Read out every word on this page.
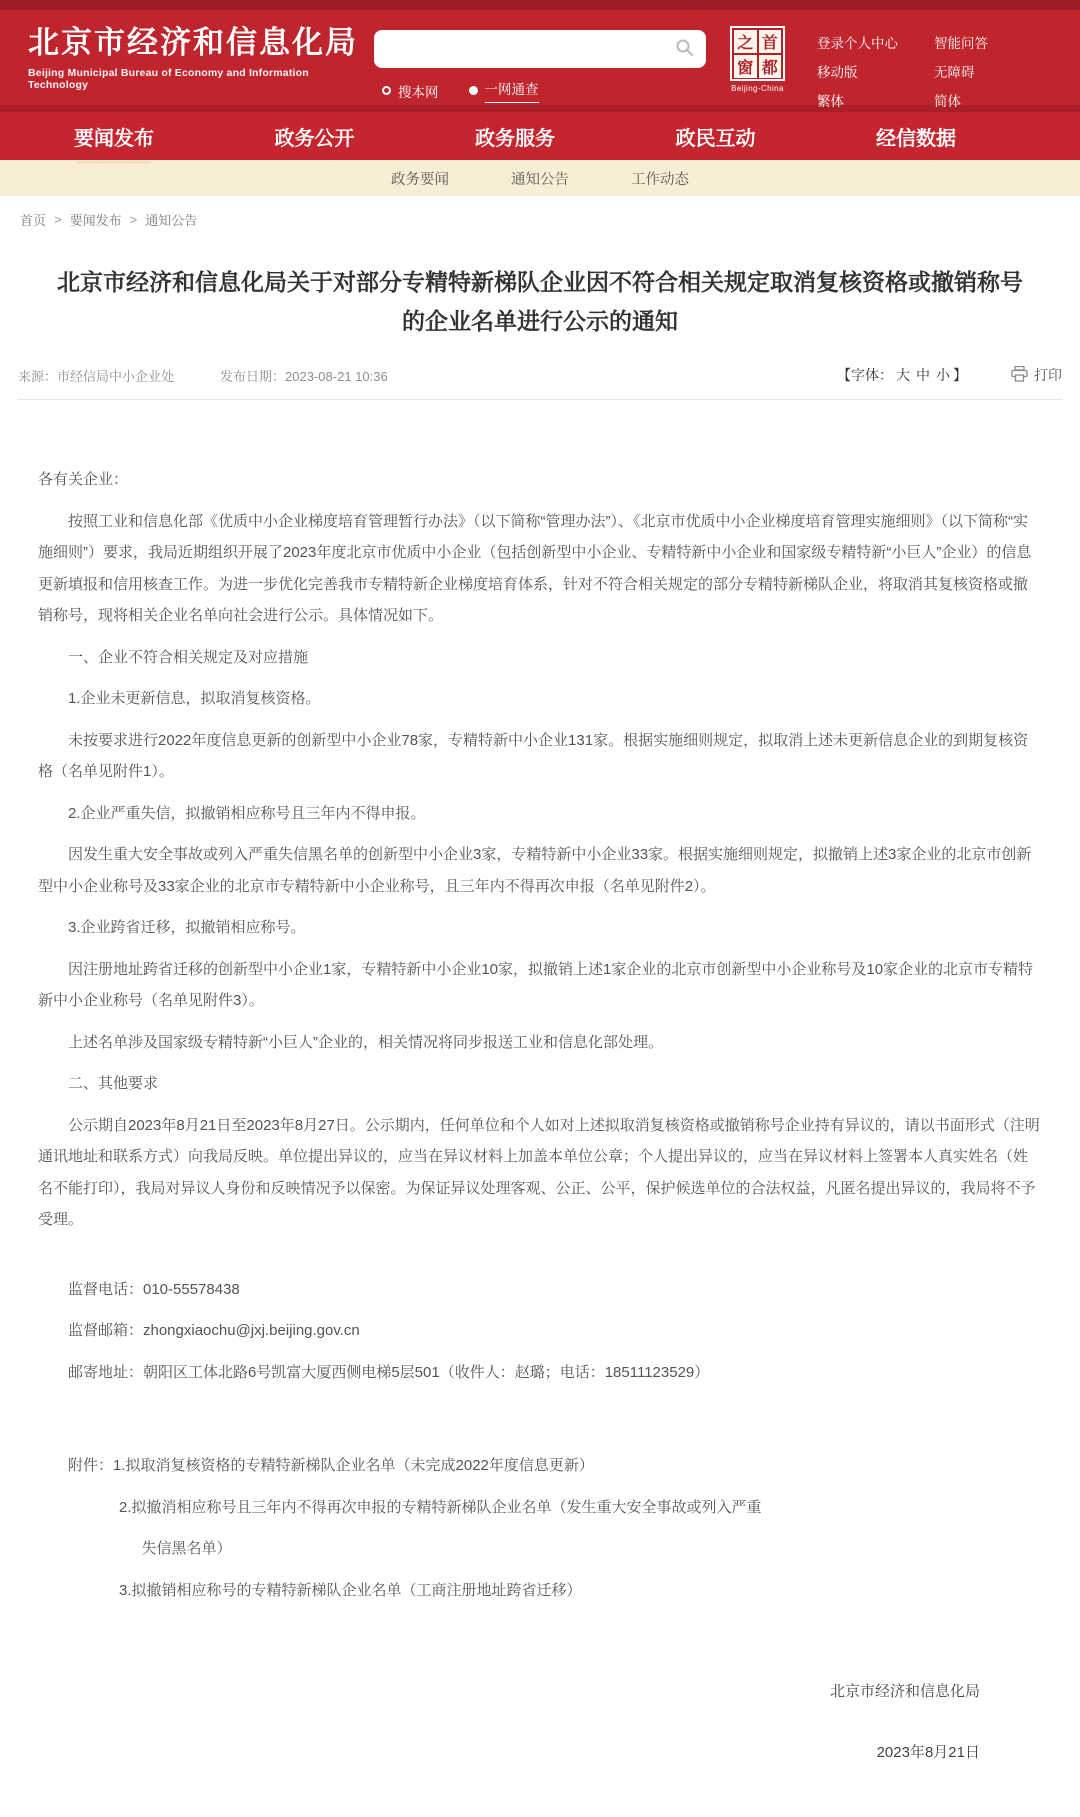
北京市经济和信息化局
Beijing Municipal Bureau of Economy and Information Technology	搜本网	一网通查
之 首
窗 都
Beijing-China
登录个人中心	智能问答
移动版	无障碍
繁体	简体
要闻发布	政务公开	政务服务	政民互动	经信数据
政务要闻	通知公告	工作动态
首页 > 要闻发布 > 通知公告
北京市经济和信息化局关于对部分专精特新梯队企业因不符合相关规定取消复核资格或撤销称号的企业名单进行公示的通知
来源：市经信局中小企业处	发布日期：2023-08-21 10:36	【字体： 大 中 小 】	打印

各有关企业：

按照工业和信息化部《优质中小企业梯度培育管理暂行办法》（以下简称“管理办法”）、《北京市优质中小企业梯度培育管理实施细则》（以下简称“实施细则”）要求，我局近期组织开展了2023年度北京市优质中小企业（包括创新型中小企业、专精特新中小企业和国家级专精特新“小巨人”企业）的信息更新填报和信用核查工作。为进一步优化完善我市专精特新企业梯度培育体系，针对不符合相关规定的部分专精特新梯队企业，将取消其复核资格或撤销称号，现将相关企业名单向社会进行公示。具体情况如下。

一、企业不符合相关规定及对应措施

1.企业未更新信息，拟取消复核资格。

未按要求进行2022年度信息更新的创新型中小企业78家，专精特新中小企业131家。根据实施细则规定，拟取消上述未更新信息企业的到期复核资格（名单见附件1）。

2.企业严重失信，拟撤销相应称号且三年内不得申报。

因发生重大安全事故或列入严重失信黑名单的创新型中小企业3家，专精特新中小企业33家。根据实施细则规定，拟撤销上述3家企业的北京市创新型中小企业称号及33家企业的北京市专精特新中小企业称号，且三年内不得再次申报（名单见附件2）。

3.企业跨省迁移，拟撤销相应称号。

因注册地址跨省迁移的创新型中小企业1家，专精特新中小企业10家，拟撤销上述1家企业的北京市创新型中小企业称号及10家企业的北京市专精特新中小企业称号（名单见附件3）。

上述名单涉及国家级专精特新“小巨人”企业的，相关情况将同步报送工业和信息化部处理。

二、其他要求

公示期自2023年8月21日至2023年8月27日。公示期内，任何单位和个人如对上述拟取消复核资格或撤销称号企业持有异议的，请以书面形式（注明通讯地址和联系方式）向我局反映。单位提出异议的，应当在异议材料上加盖本单位公章；个人提出异议的，应当在异议材料上签署本人真实姓名（姓名不能打印），我局对异议人身份和反映情况予以保密。为保证异议处理客观、公正、公平，保护候选单位的合法权益，凡匿名提出异议的，我局将不予受理。

监督电话：010-55578438

监督邮箱：zhongxiaochu@jxj.beijing.gov.cn

邮寄地址：朝阳区工体北路6号凯富大厦西侧电梯5层501（收件人：赵璐；电话：18511123529）

附件：1.拟取消复核资格的专精特新梯队企业名单（未完成2022年度信息更新）

2.拟撤消相应称号且三年内不得再次申报的专精特新梯队企业名单（发生重大安全事故或列入严重

失信黑名单）

3.拟撤销相应称号的专精特新梯队企业名单（工商注册地址跨省迁移）

北京市经济和信息化局

2023年8月21日
